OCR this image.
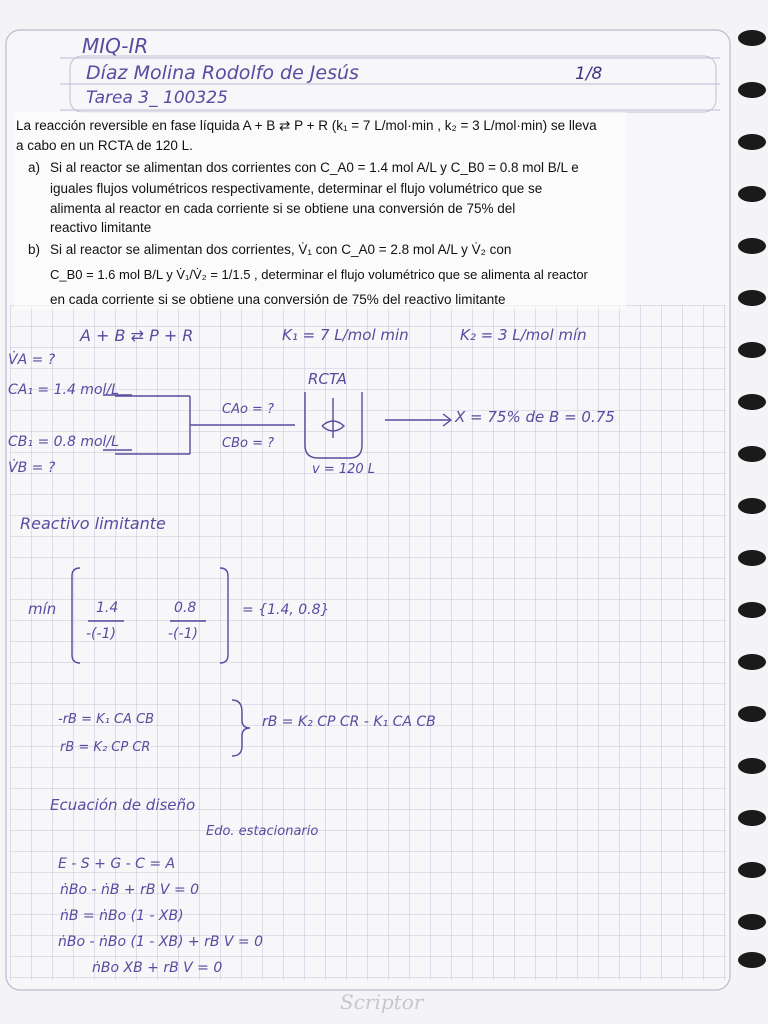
MIQ-IR
Díaz Molina Rodolfo de Jesús
Tarea 3_ 100325
1/8
La reacción reversible en fase líquida A + B ⇄ P + R (k₁ = 7 L/mol·min , k₂ = 3 L/mol·min) se lleva
a cabo en un RCTA de 120 L.
a) Si al reactor se alimentan dos corrientes con C_A0 = 1.4 mol A/L y C_B0 = 0.8 mol B/L e
iguales flujos volumétricos respectivamente, determinar el flujo volumétrico que se
alimenta al reactor en cada corriente si se obtiene una conversión de 75% del
reactivo limitante
b) Si al reactor se alimentan dos corrientes, V̇₁ con C_A0 = 2.8 mol A/L y V̇₂ con
C_B0 = 1.6 mol B/L y V̇₁/V̇₂ = 1/1.5 , determinar el flujo volumétrico que se alimenta al reactor
en cada corriente si se obtiene una conversión de 75% del reactivo limitante
A + B ⇄ P + R	K₁ = 7 L/mol min	K₂ = 3 L/mol mín
V̇A = ?
CA₁ = 1.4 mol/L
CB₁ = 0.8 mol/L
V̇B = ?
CAo = ?
CBo = ?
RCTA
v = 120 L
X = 75% de B = 0.75
Reactivo limitante
mín	1.4
-(-1)
0.8
-(-1)
= {1.4, 0.8}
-rB = K₁ CA CB
rB = K₂ CP CR
rB = K₂ CP CR - K₁ CA CB
Ecuación de diseño
Edo. estacionario
E - S + G - C = A
ṅBo - ṅB + rB V = 0
ṅB = ṅBo (1 - XB)
ṅBo - ṅBo (1 - XB) + rB V = 0
ṅBo XB + rB V = 0
Scriptor
